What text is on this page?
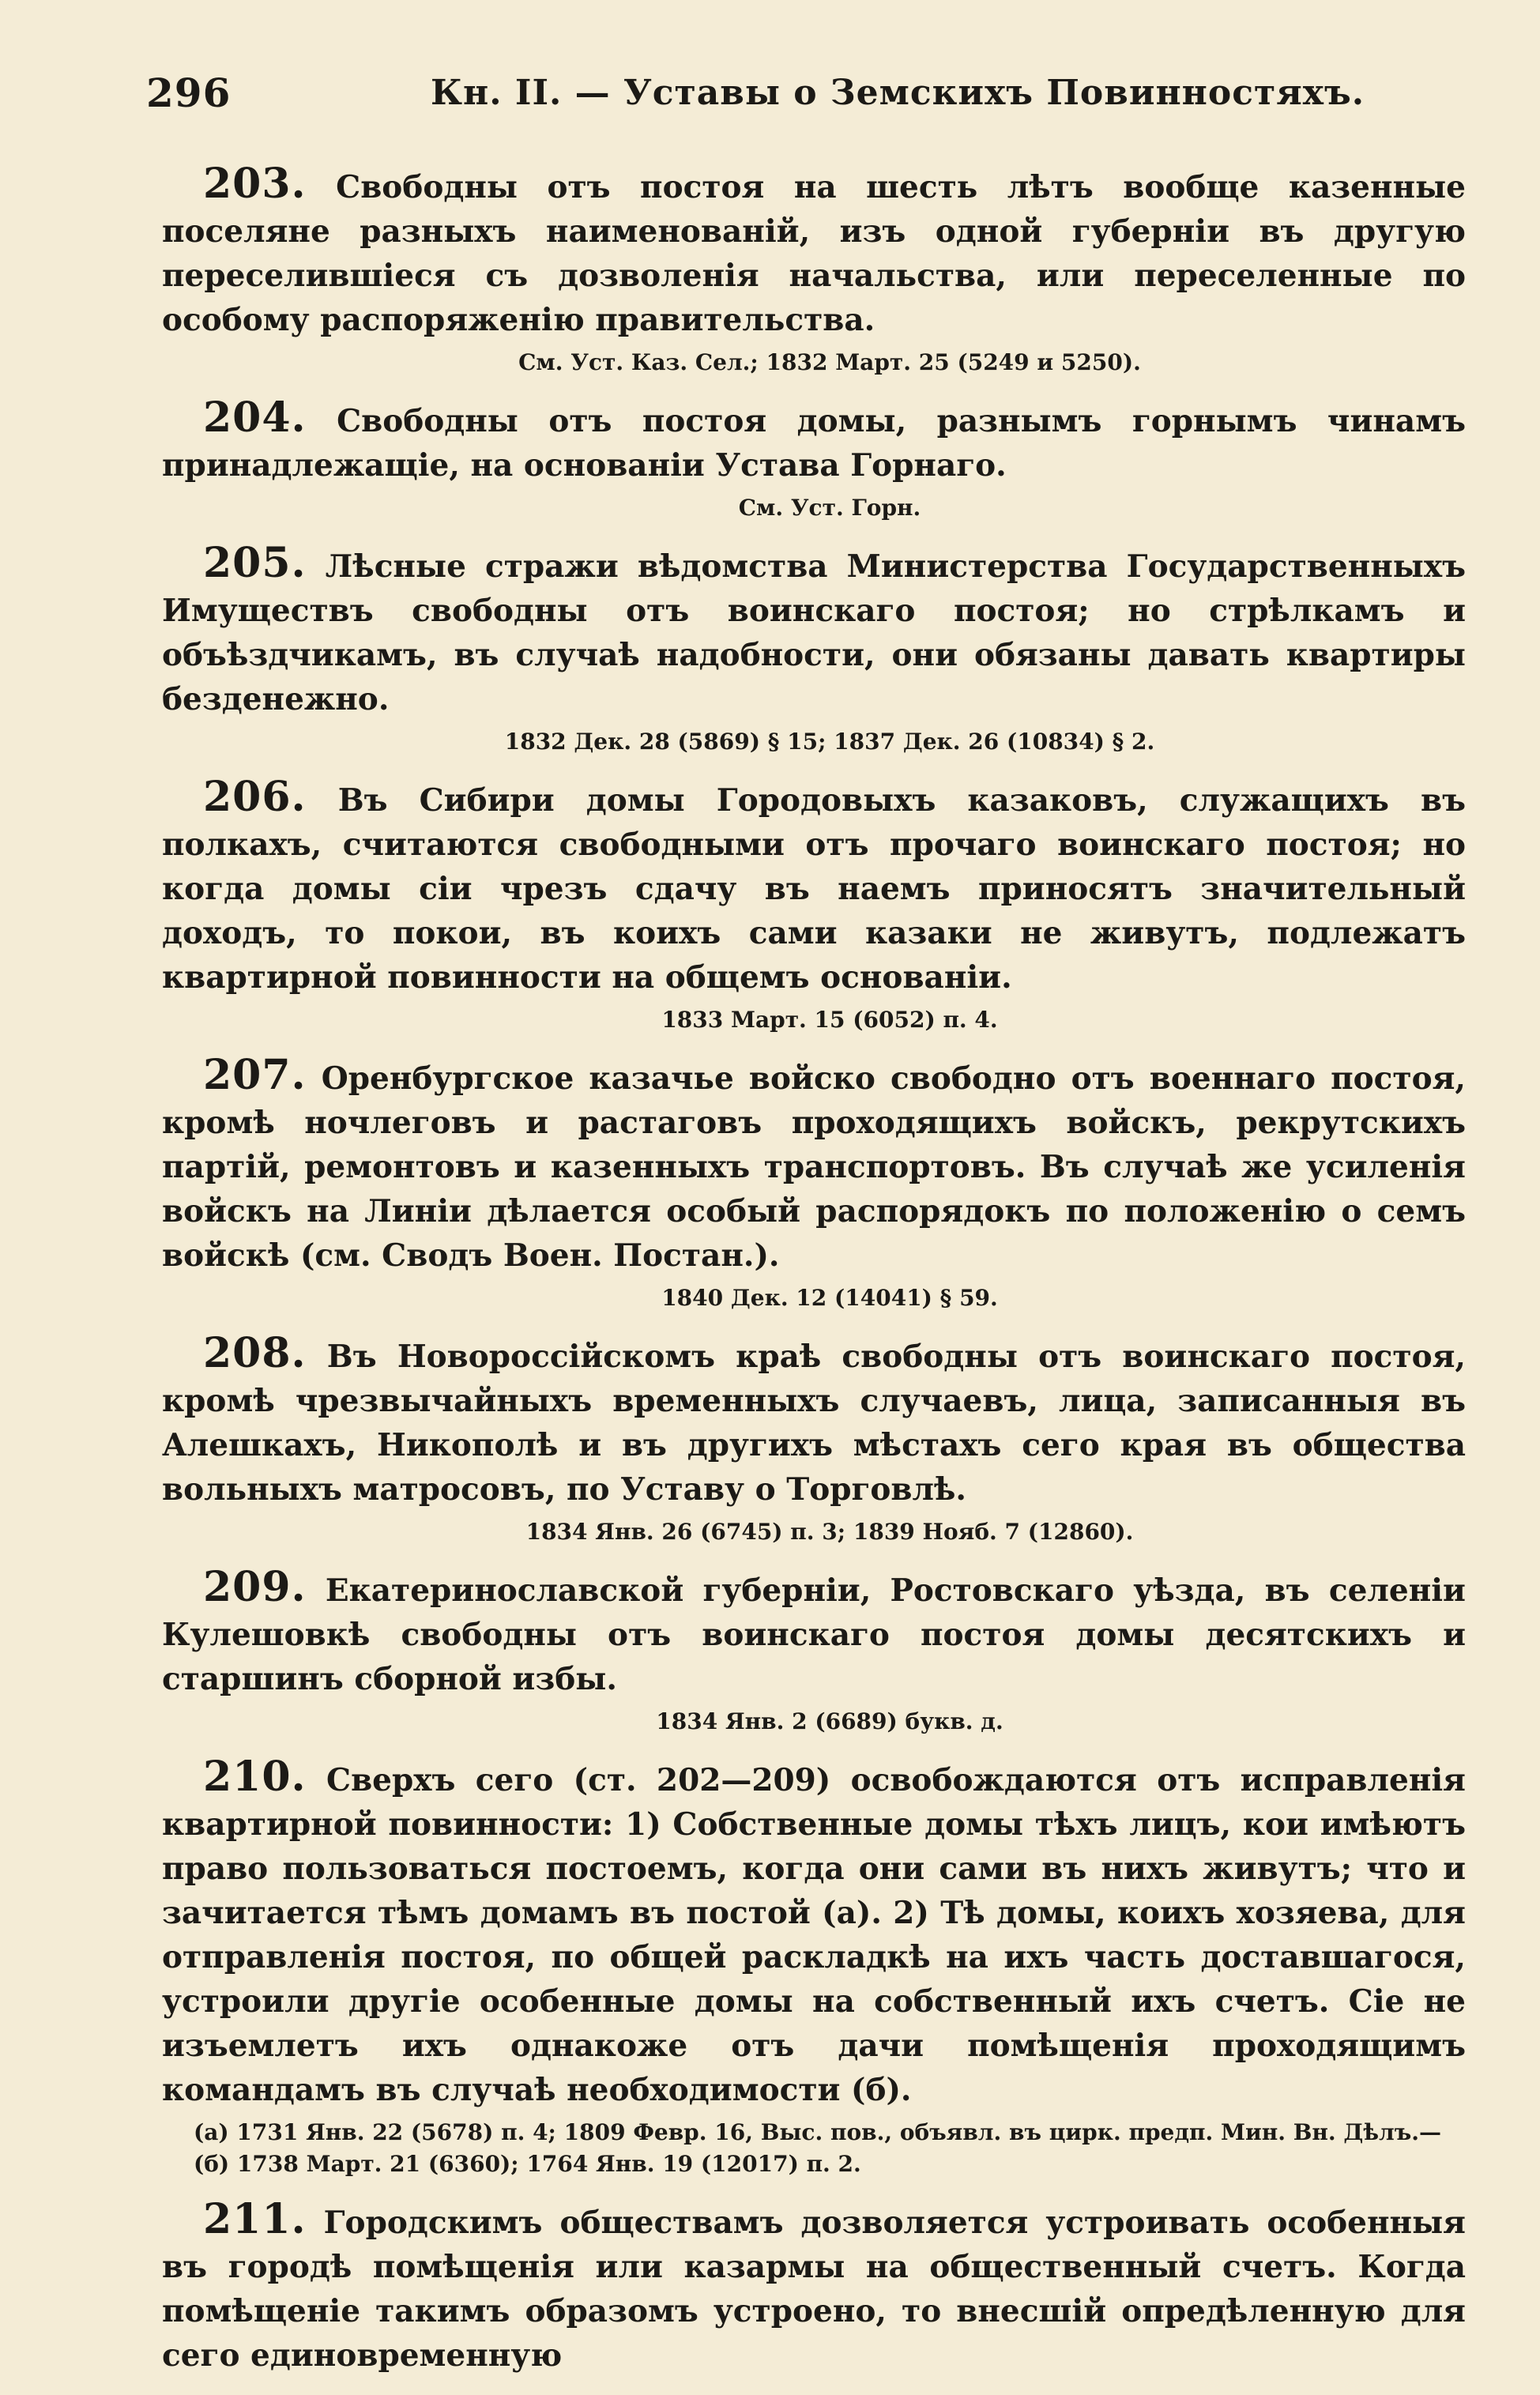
296	Кн. II. — Уставы о Земскихъ Повинностяхъ.

203. Свободны отъ постоя на шесть лѣтъ вообще казенные поселяне разныхъ наименованій, изъ одной губерніи въ другую переселившіеся съ дозволенія начальства, или переселенные по особому распоряженію правительства.

См. Уст. Каз. Сел.; 1832 Март. 25 (5249 и 5250).

204. Свободны отъ постоя домы, разнымъ горнымъ чинамъ принадлежащіе, на основаніи Устава Горнаго.

См. Уст. Горн.

205. Лѣсные стражи вѣдомства Министерства Государственныхъ Имуществъ свободны отъ воинскаго постоя; но стрѣлкамъ и объѣздчикамъ, въ случаѣ надобности, они обязаны давать квартиры безденежно.

1832 Дек. 28 (5869) § 15; 1837 Дек. 26 (10834) § 2.

206. Въ Сибири домы Городовыхъ казаковъ, служащихъ въ полкахъ, считаются свободными отъ прочаго воинскаго постоя; но когда домы сіи чрезъ сдачу въ наемъ приносятъ значительный доходъ, то покои, въ коихъ сами казаки не живутъ, подлежатъ квартирной повинности на общемъ основаніи.

1833 Март. 15 (6052) п. 4.

207. Оренбургское казачье войско свободно отъ военнаго постоя, кромѣ ночлеговъ и растаговъ проходящихъ войскъ, рекрутскихъ партій, ремонтовъ и казенныхъ транспортовъ. Въ случаѣ же усиленія войскъ на Линіи дѣлается особый распорядокъ по положенію о семъ войскѣ (см. Сводъ Воен. Постан.).

1840 Дек. 12 (14041) § 59.

208. Въ Новороссійскомъ краѣ свободны отъ воинскаго постоя, кромѣ чрезвычайныхъ временныхъ случаевъ, лица, записанныя въ Алешкахъ, Никополѣ и въ другихъ мѣстахъ сего края въ общества вольныхъ матросовъ, по Уставу о Торговлѣ.

1834 Янв. 26 (6745) п. 3; 1839 Нояб. 7 (12860).

209. Екатеринославской губерніи, Ростовскаго уѣзда, въ селеніи Кулешовкѣ свободны отъ воинскаго постоя домы десятскихъ и старшинъ сборной избы.

1834 Янв. 2 (6689) букв. д.

210. Сверхъ сего (ст. 202—209) освобождаются отъ исправленія квартирной повинности: 1) Собственные домы тѣхъ лицъ, кои имѣютъ право пользоваться постоемъ, когда они сами въ нихъ живутъ; что и зачитается тѣмъ домамъ въ постой (а). 2) Тѣ домы, коихъ хозяева, для отправленія постоя, по общей раскладкѣ на ихъ часть доставшагося, устроили другіе особенные домы на собственный ихъ счетъ. Сіе не изъемлетъ ихъ однакоже отъ дачи помѣщенія проходящимъ командамъ въ случаѣ необходимости (б).

(а) 1731 Янв. 22 (5678) п. 4; 1809 Февр. 16, Выс. пов., объявл. въ цирк. предп. Мин. Вн. Дѣлъ.—

(б) 1738 Март. 21 (6360); 1764 Янв. 19 (12017) п. 2.

211. Городскимъ обществамъ дозволяется устроивать особенныя въ городѣ помѣщенія или казармы на общественный счетъ. Когда помѣщеніе такимъ образомъ устроено, то внесшій опредѣленную для сего единовременную
